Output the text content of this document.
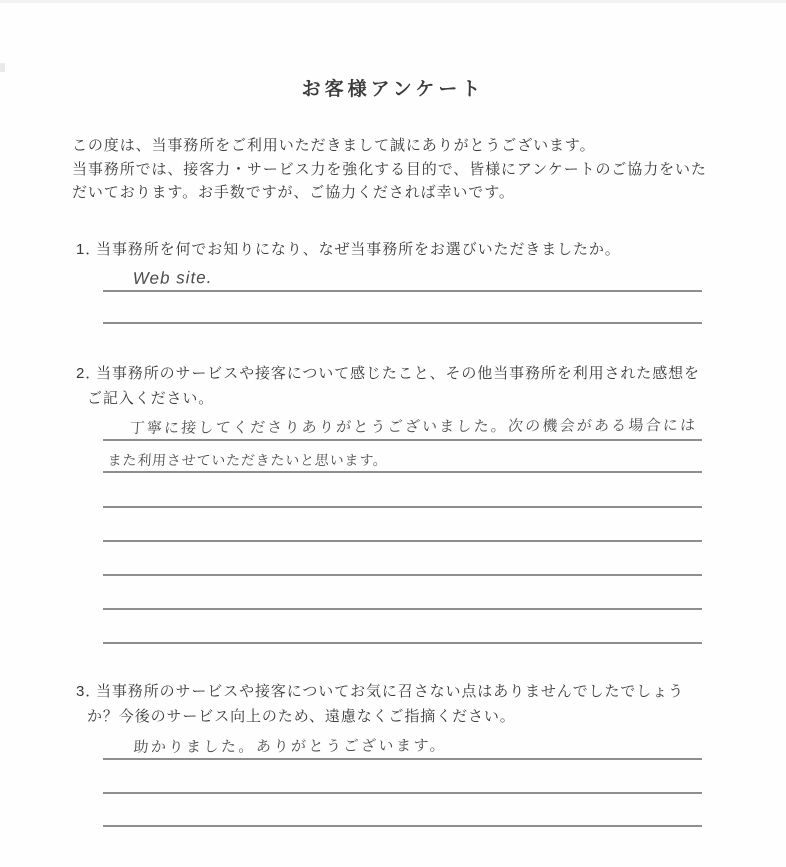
お客様アンケート
この度は、当事務所をご利用いただきまして誠にありがとうございます。
当事務所では、接客力・サービス力を強化する目的で、皆様にアンケートのご協力をいた
だいております。お手数ですが、ご協力くだされば幸いです。
1．当事務所を何でお知りになり、なぜ当事務所をお選びいただきましたか。
Web site.
2．当事務所のサービスや接客について感じたこと、その他当事務所を利用された感想を
ご記入ください。
丁寧に接してくださりありがとうございました。次の機会がある場合には
また利用させていただきたいと思います。
3．当事務所のサービスや接客についてお気に召さない点はありませんでしたでしょう
か？今後のサービス向上のため、遠慮なくご指摘ください。
助かりました。ありがとうございます。
